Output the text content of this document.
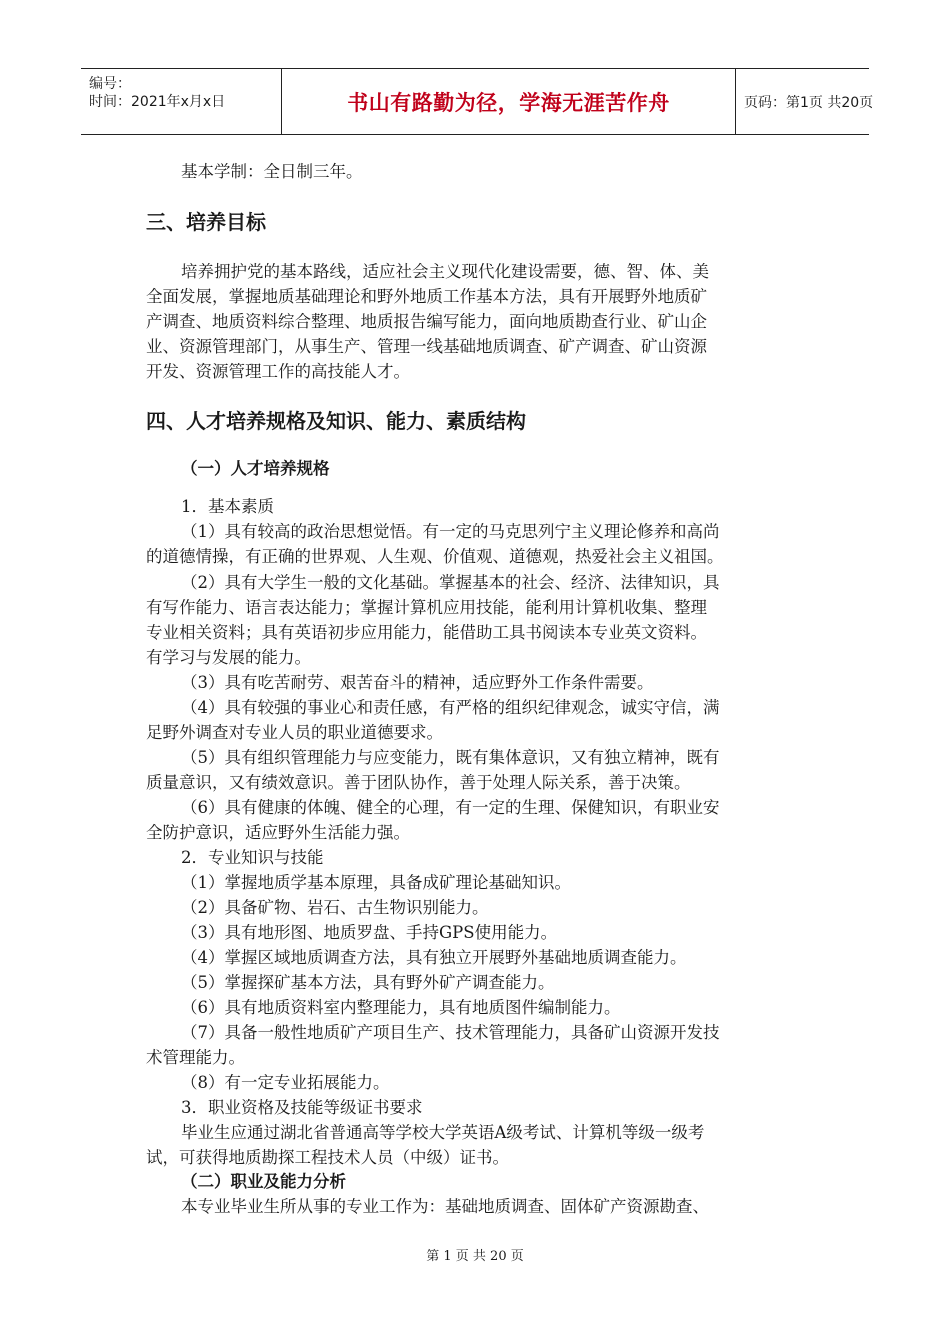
编号：
时间：2021年x月x日	书山有路勤为径，学海无涯苦作舟	页码：第1页 共20页
基本学制：全日制三年。
三、培养目标
培养拥护党的基本路线，适应社会主义现代化建设需要，德、智、体、美
全面发展，掌握地质基础理论和野外地质工作基本方法，具有开展野外地质矿
产调查、地质资料综合整理、地质报告编写能力，面向地质勘查行业、矿山企
业、资源管理部门，从事生产、管理一线基础地质调查、矿产调查、矿山资源
开发、资源管理工作的高技能人才。
四、人才培养规格及知识、能力、素质结构
（一）人才培养规格
1．基本素质
（1）具有较高的政治思想觉悟。有一定的马克思列宁主义理论修养和高尚
的道德情操，有正确的世界观、人生观、价值观、道德观，热爱社会主义祖国。
（2）具有大学生一般的文化基础。掌握基本的社会、经济、法律知识，具
有写作能力、语言表达能力；掌握计算机应用技能，能利用计算机收集、整理
专业相关资料；具有英语初步应用能力，能借助工具书阅读本专业英文资料。
有学习与发展的能力。
（3）具有吃苦耐劳、艰苦奋斗的精神，适应野外工作条件需要。
（4）具有较强的事业心和责任感，有严格的组织纪律观念，诚实守信，满
足野外调查对专业人员的职业道德要求。
（5）具有组织管理能力与应变能力，既有集体意识，又有独立精神，既有
质量意识，又有绩效意识。善于团队协作，善于处理人际关系，善于决策。
（6）具有健康的体魄、健全的心理，有一定的生理、保健知识，有职业安
全防护意识，适应野外生活能力强。
2．专业知识与技能
（1）掌握地质学基本原理，具备成矿理论基础知识。
（2）具备矿物、岩石、古生物识别能力。
（3）具有地形图、地质罗盘、手持GPS使用能力。
（4）掌握区域地质调查方法，具有独立开展野外基础地质调查能力。
（5）掌握探矿基本方法，具有野外矿产调查能力。
（6）具有地质资料室内整理能力，具有地质图件编制能力。
（7）具备一般性地质矿产项目生产、技术管理能力，具备矿山资源开发技
术管理能力。
（8）有一定专业拓展能力。
3．职业资格及技能等级证书要求
毕业生应通过湖北省普通高等学校大学英语A级考试、计算机等级一级考
试，可获得地质勘探工程技术人员（中级）证书。
（二）职业及能力分析
本专业毕业生所从事的专业工作为：基础地质调查、固体矿产资源勘查、
第 1 页 共 20 页
